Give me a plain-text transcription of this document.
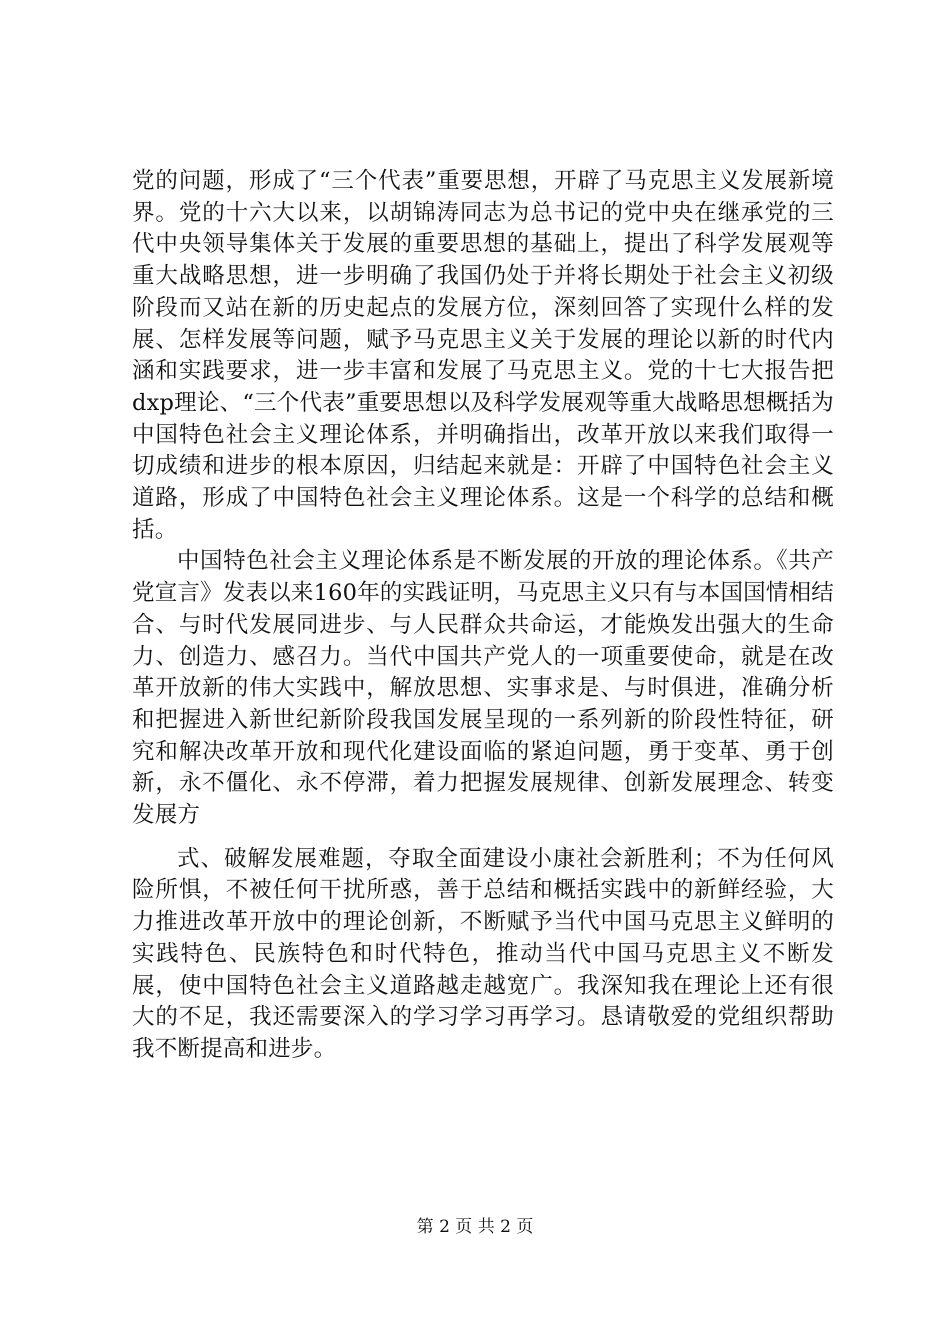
党的问题，形成了“三个代表”重要思想，开辟了马克思主义发展新境界。党的十六大以来，以胡锦涛同志为总书记的党中央在继承党的三代中央领导集体关于发展的重要思想的基础上，提出了科学发展观等重大战略思想，进一步明确了我国仍处于并将长期处于社会主义初级阶段而又站在新的历史起点的发展方位，深刻回答了实现什么样的发展、怎样发展等问题，赋予马克思主义关于发展的理论以新的时代内涵和实践要求，进一步丰富和发展了马克思主义。党的十七大报告把dxp理论、“三个代表”重要思想以及科学发展观等重大战略思想概括为中国特色社会主义理论体系，并明确指出，改革开放以来我们取得一切成绩和进步的根本原因，归结起来就是：开辟了中国特色社会主义道路，形成了中国特色社会主义理论体系。这是一个科学的总结和概括。

中国特色社会主义理论体系是不断发展的开放的理论体系。《共产党宣言》发表以来160年的实践证明，马克思主义只有与本国国情相结合、与时代发展同进步、与人民群众共命运，才能焕发出强大的生命力、创造力、感召力。当代中国共产党人的一项重要使命，就是在改革开放新的伟大实践中，解放思想、实事求是、与时俱进，准确分析和把握进入新世纪新阶段我国发展呈现的一系列新的阶段性特征，研究和解决改革开放和现代化建设面临的紧迫问题，勇于变革、勇于创新，永不僵化、永不停滞，着力把握发展规律、创新发展理念、转变发展方

式、破解发展难题，夺取全面建设小康社会新胜利；不为任何风险所惧，不被任何干扰所惑，善于总结和概括实践中的新鲜经验，大力推进改革开放中的理论创新，不断赋予当代中国马克思主义鲜明的实践特色、民族特色和时代特色，推动当代中国马克思主义不断发展，使中国特色社会主义道路越走越宽广。我深知我在理论上还有很大的不足，我还需要深入的学习学习再学习。恳请敬爱的党组织帮助我不断提高和进步。

第 2 页 共 2 页
